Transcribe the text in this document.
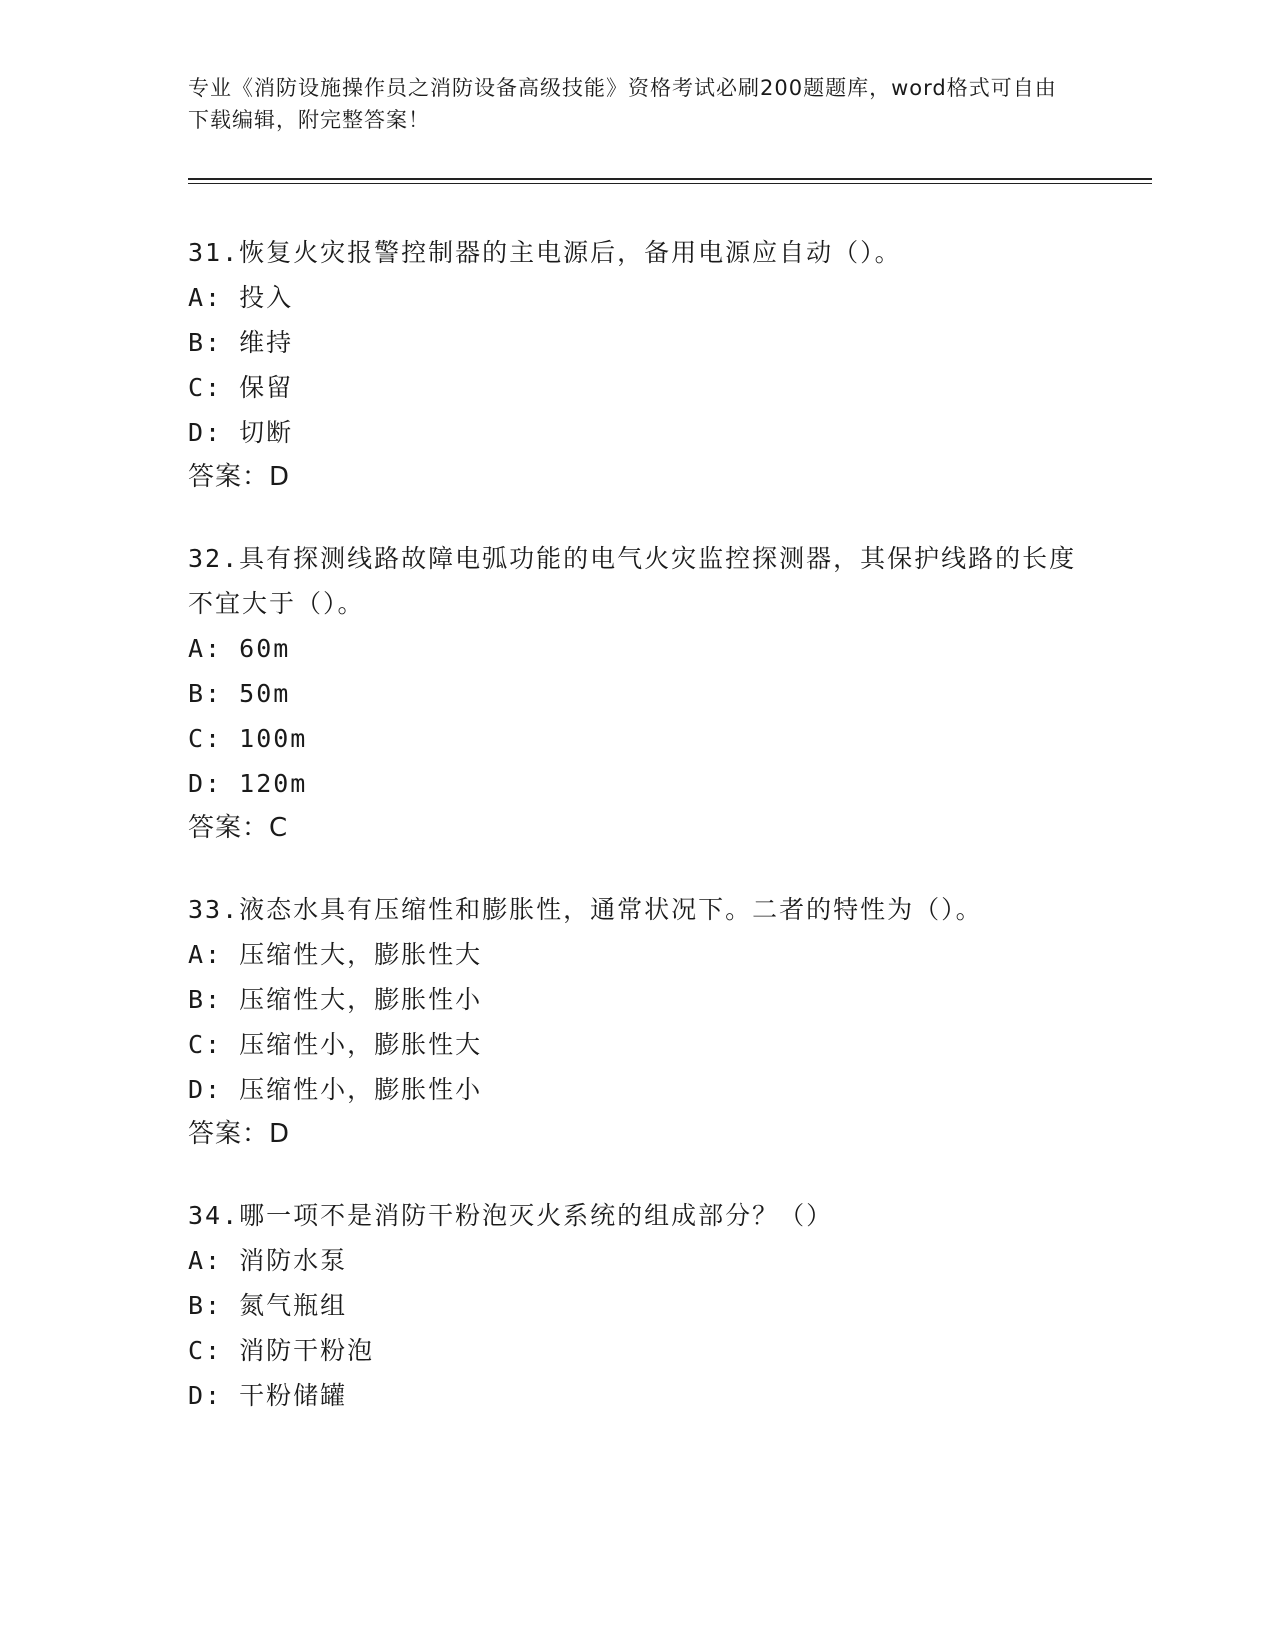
专业《消防设施操作员之消防设备高级技能》资格考试必刷200题题库，word格式可自由下载编辑，附完整答案！
31.恢复火灾报警控制器的主电源后，备用电源应自动（）。
A: 投入
B: 维持
C: 保留
D: 切断
答案：D
32.具有探测线路故障电弧功能的电气火灾监控探测器，其保护线路的长度不宜大于（）。
A: 60m
B: 50m
C: 100m
D: 120m
答案：C
33.液态水具有压缩性和膨胀性，通常状况下。二者的特性为（）。
A: 压缩性大，膨胀性大
B: 压缩性大，膨胀性小
C: 压缩性小，膨胀性大
D: 压缩性小，膨胀性小
答案：D
34.哪一项不是消防干粉泡灭火系统的组成部分？（）
A: 消防水泵
B: 氮气瓶组
C: 消防干粉泡
D: 干粉储罐
